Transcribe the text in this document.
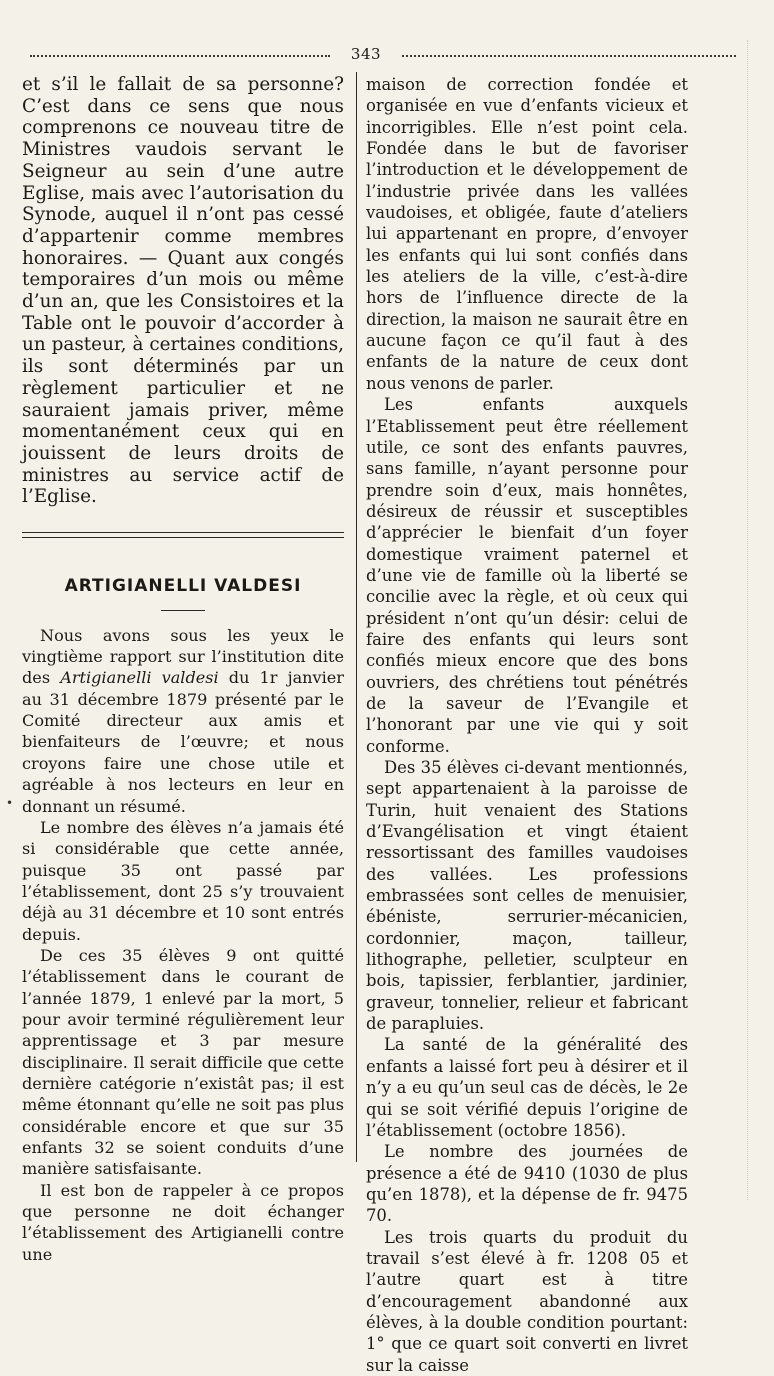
343

et s’il le fallait de sa personne? C’est dans ce sens que nous comprenons ce nouveau titre de Ministres vaudois servant le Seigneur au sein d’une autre Eglise, mais avec l’autorisation du Synode, auquel il n’ont pas cessé d’appartenir comme membres honoraires. — Quant aux congés temporaires d’un mois ou même d’un an, que les Consistoires et la Table ont le pouvoir d’accorder à un pasteur, à certaines conditions, ils sont déterminés par un règlement particulier et ne sauraient jamais priver, même momentanément ceux qui en jouissent de leurs droits de ministres au service actif de l’Eglise.

ARTIGIANELLI VALDESI

Nous avons sous les yeux le vingtième rapport sur l’institution dite des Artigianelli valdesi du 1r janvier au 31 décembre 1879 présenté par le Comité directeur aux amis et bienfaiteurs de l’œuvre; et nous croyons faire une chose utile et agréable à nos lecteurs en leur en donnant un résumé.

Le nombre des élèves n’a jamais été si considérable que cette année, puisque 35 ont passé par l’établissement, dont 25 s’y trouvaient déjà au 31 décembre et 10 sont entrés depuis.

De ces 35 élèves 9 ont quitté l’établissement dans le courant de l’année 1879, 1 enlevé par la mort, 5 pour avoir terminé régulièrement leur apprentissage et 3 par mesure disciplinaire. Il serait difficile que cette dernière catégorie n’existât pas; il est même étonnant qu’elle ne soit pas plus considérable encore et que sur 35 enfants 32 se soient conduits d’une manière satisfaisante.

Il est bon de rappeler à ce propos que personne ne doit échanger l’établissement des Artigianelli contre une

•

maison de correction fondée et organisée en vue d’enfants vicieux et incorrigibles. Elle n’est point cela. Fondée dans le but de favoriser l’introduction et le développement de l’industrie privée dans les vallées vaudoises, et obligée, faute d’ateliers lui appartenant en propre, d’envoyer les enfants qui lui sont confiés dans les ateliers de la ville, c’est-à-dire hors de l’influence directe de la direction, la maison ne saurait être en aucune façon ce qu’il faut à des enfants de la nature de ceux dont nous venons de parler.

Les enfants auxquels l’Etablissement peut être réellement utile, ce sont des enfants pauvres, sans famille, n’ayant personne pour prendre soin d’eux, mais honnêtes, désireux de réussir et susceptibles d’apprécier le bienfait d’un foyer domestique vraiment paternel et d’une vie de famille où la liberté se concilie avec la règle, et où ceux qui président n’ont qu’un désir: celui de faire des enfants qui leurs sont confiés mieux encore que des bons ouvriers, des chrétiens tout pénétrés de la saveur de l’Evangile et l’honorant par une vie qui y soit conforme.

Des 35 élèves ci-devant mentionnés, sept appartenaient à la paroisse de Turin, huit venaient des Stations d’Evangélisation et vingt étaient ressortissant des familles vaudoises des vallées. Les professions embrassées sont celles de menuisier, ébéniste, serrurier-mécanicien, cordonnier, maçon, tailleur, lithographe, pelletier, sculpteur en bois, tapissier, ferblantier, jardinier, graveur, tonnelier, relieur et fabricant de parapluies.

La santé de la généralité des enfants a laissé fort peu à désirer et il n’y a eu qu’un seul cas de décès, le 2e qui se soit vérifié depuis l’origine de l’établissement (octobre 1856).

Le nombre des journées de présence a été de 9410 (1030 de plus qu’en 1878), et la dépense de fr. 9475 70.

Les trois quarts du produit du travail s’est élevé à fr. 1208 05 et l’autre quart est à titre d’encouragement abandonné aux élèves, à la double condition pourtant: 1° que ce quart soit converti en livret sur la caisse
